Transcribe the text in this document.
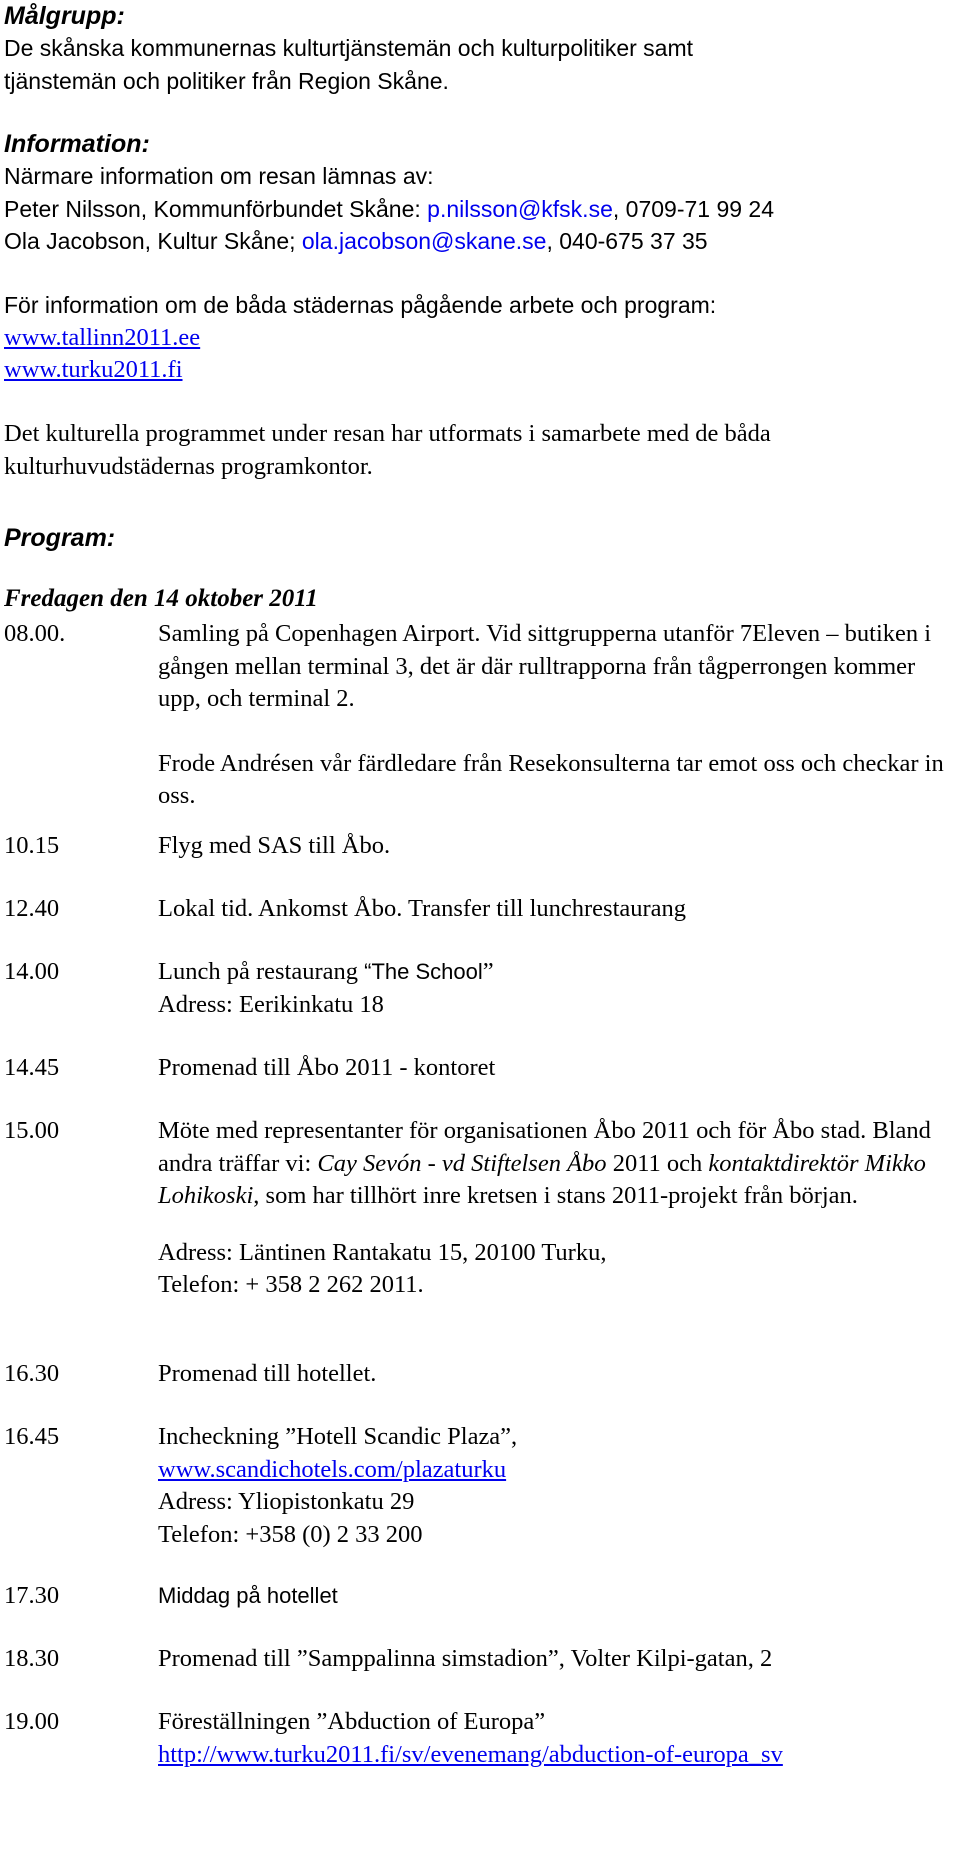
Målgrupp:

De skånska kommunernas kulturtjänstemän och kulturpolitiker samt

tjänstemän och politiker från Region Skåne.

Information:

Närmare information om resan lämnas av:

Peter Nilsson, Kommunförbundet Skåne: p.nilsson@kfsk.se, 0709-71 99 24

Ola Jacobson, Kultur Skåne; ola.jacobson@skane.se, 040-675 37 35

För information om de båda städernas pågående arbete och program:

www.tallinn2011.ee

www.turku2011.fi

Det kulturella programmet under resan har utformats i samarbete med de båda

kulturhuvudstädernas programkontor.

Program:

Fredagen den 14 oktober 2011
08.00.	Samling på Copenhagen Airport. Vid sittgrupperna utanför 7Eleven – butiken i gången mellan terminal 3, det är där rulltrapporna från tågperrongen kommer upp, och terminal 2.

Frode Andrésen vår färdledare från Resekonsulterna tar emot oss och checkar in oss.

10.15	Flyg med SAS till Åbo.

12.40	Lokal tid. Ankomst Åbo. Transfer till lunchrestaurang

14.00	Lunch på restaurang “The School”

Adress: Eerikinkatu 18

14.45	Promenad till Åbo 2011 - kontoret

15.00	Möte med representanter för organisationen Åbo 2011 och för Åbo stad. Bland andra träffar vi: Cay Sevón - vd Stiftelsen Åbo 2011 och kontaktdirektör Mikko Lohikoski, som har tillhört inre kretsen i stans 2011-projekt från början.

Adress: Läntinen Rantakatu 15, 20100 Turku,

Telefon: + 358 2 262 2011.

16.30	Promenad till hotellet.

16.45	Incheckning ”Hotell Scandic Plaza”,

www.scandichotels.com/plazaturku

Adress: Yliopistonkatu 29

Telefon: +358 (0) 2 33 200

17.30	Middag på hotellet

18.30	Promenad till ”Samppalinna simstadion”, Volter Kilpi-gatan, 2

19.00	Föreställningen ”Abduction of Europa”

http://www.turku2011.fi/sv/evenemang/abduction-of-europa_sv
